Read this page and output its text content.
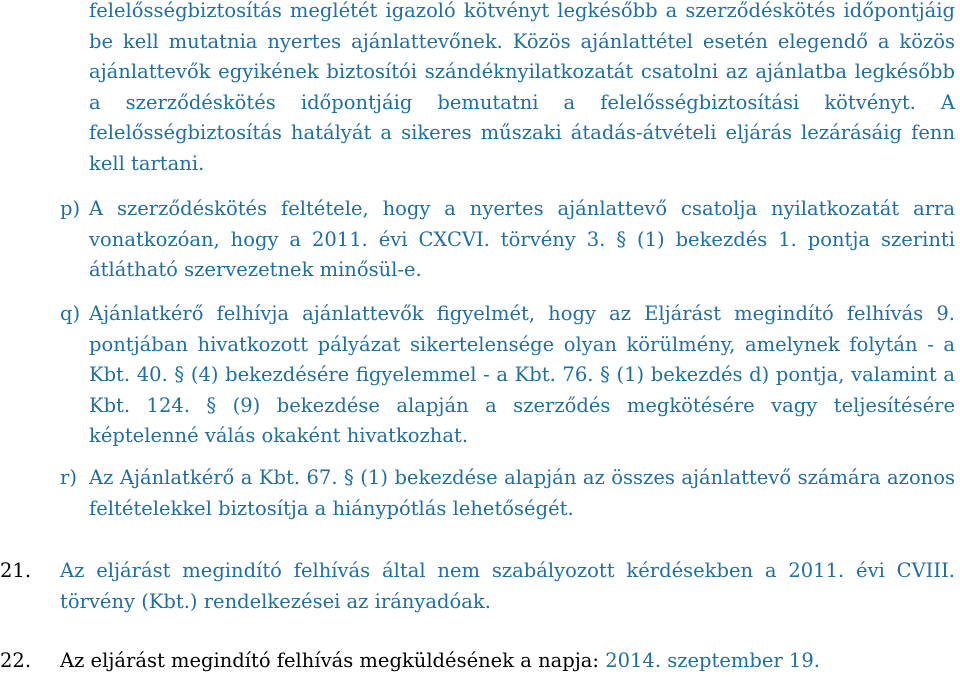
felelősségbiztosítás meglétét igazoló kötvényt legkésőbb a szerződéskötés időpontjáig be kell mutatnia nyertes ajánlattevőnek. Közös ajánlattétel esetén elegendő a közös ajánlattevők egyikének biztosítói szándéknyilatkozatát csatolni az ajánlatba legkésőbb a szerződéskötés időpontjáig bemutatni a felelősségbiztosítási kötvényt. A felelősségbiztosítás hatályát a sikeres műszaki átadás-átvételi eljárás lezárásáig fenn kell tartani.

p) A szerződéskötés feltétele, hogy a nyertes ajánlattevő csatolja nyilatkozatát arra vonatkozóan, hogy a 2011. évi CXCVI. törvény 3. § (1) bekezdés 1. pontja szerinti átlátható szervezetnek minősül-e.

q) Ajánlatkérő felhívja ajánlattevők figyelmét, hogy az Eljárást megindító felhívás 9. pontjában hivatkozott pályázat sikertelensége olyan körülmény, amelynek folytán - a Kbt. 40. § (4) bekezdésére figyelemmel - a Kbt. 76. § (1) bekezdés d) pontja, valamint a Kbt. 124. § (9) bekezdése alapján a szerződés megkötésére vagy teljesítésére képtelenné válás okaként hivatkozhat.

r) Az Ajánlatkérő a Kbt. 67. § (1) bekezdése alapján az összes ajánlattevő számára azonos feltételekkel biztosítja a hiánypótlás lehetőségét.

21. Az eljárást megindító felhívás által nem szabályozott kérdésekben a 2011. évi CVIII. törvény (Kbt.) rendelkezései az irányadóak.

22. Az eljárást megindító felhívás megküldésének a napja: 2014. szeptember 19.
